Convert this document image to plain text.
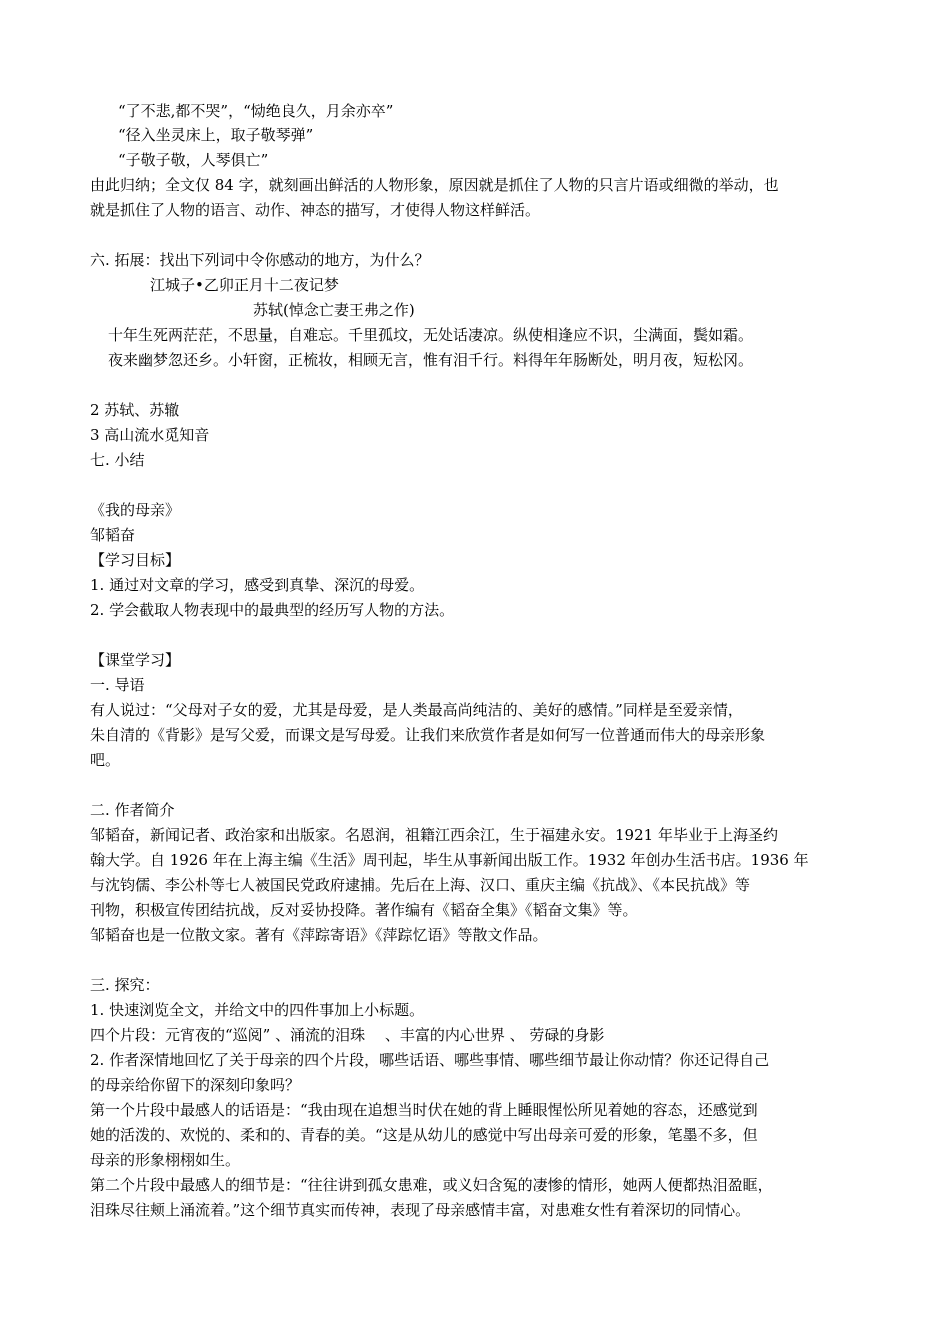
“了不悲,都不哭”，“恸绝良久，月余亦卒”
“径入坐灵床上，取子敬琴弹”
“子敬子敬，人琴俱亡”
由此归纳；全文仅 84 字，就刻画出鲜活的人物形象，原因就是抓住了人物的只言片语或细微的举动，也
就是抓住了人物的语言、动作、神态的描写，才使得人物这样鲜活。
六. 拓展：找出下列词中令你感动的地方，为什么？
江城子•乙卯正月十二夜记梦
苏轼(悼念亡妻王弗之作)
十年生死两茫茫，不思量，自难忘。千里孤坟，无处话凄凉。纵使相逢应不识，尘满面，鬓如霜。
夜来幽梦忽还乡。小轩窗，正梳妆，相顾无言，惟有泪千行。料得年年肠断处，明月夜，短松冈。
2 苏轼、苏辙
3 高山流水觅知音
七. 小结
《我的母亲》
邹韬奋
【学习目标】
1. 通过对文章的学习，感受到真挚、深沉的母爱。
2. 学会截取人物表现中的最典型的经历写人物的方法。
【课堂学习】
一. 导语
有人说过：“父母对子女的爱，尤其是母爱，是人类最高尚纯洁的、美好的感情。”同样是至爱亲情，
朱自清的《背影》是写父爱，而课文是写母爱。让我们来欣赏作者是如何写一位普通而伟大的母亲形象
吧。
二. 作者简介
邹韬奋，新闻记者、政治家和出版家。名恩润，祖籍江西余江，生于福建永安。1921 年毕业于上海圣约
翰大学。自 1926 年在上海主编《生活》周刊起，毕生从事新闻出版工作。1932 年创办生活书店。1936 年
与沈钧儒、李公朴等七人被国民党政府逮捕。先后在上海、汉口、重庆主编《抗战》、《本民抗战》等
刊物，积极宣传团结抗战，反对妥协投降。著作编有《韬奋全集》《韬奋文集》等。
邹韬奋也是一位散文家。著有《萍踪寄语》《萍踪忆语》等散文作品。
三. 探究：
1. 快速浏览全文，并给文中的四件事加上小标题。
四个片段：元宵夜的“巡阅” 、涌流的泪珠　 、丰富的内心世界 、 劳碌的身影
2. 作者深情地回忆了关于母亲的四个片段，哪些话语、哪些事情、哪些细节最让你动情？你还记得自己
的母亲给你留下的深刻印象吗？
第一个片段中最感人的话语是：“我由现在追想当时伏在她的背上睡眼惺忪所见着她的容态，还感觉到
她的活泼的、欢悦的、柔和的、青春的美。“这是从幼儿的感觉中写出母亲可爱的形象，笔墨不多，但
母亲的形象栩栩如生。
第二个片段中最感人的细节是：“往往讲到孤女患难，或义妇含冤的凄惨的情形，她两人便都热泪盈眶，
泪珠尽往颊上涌流着。”这个细节真实而传神，表现了母亲感情丰富，对患难女性有着深切的同情心。
